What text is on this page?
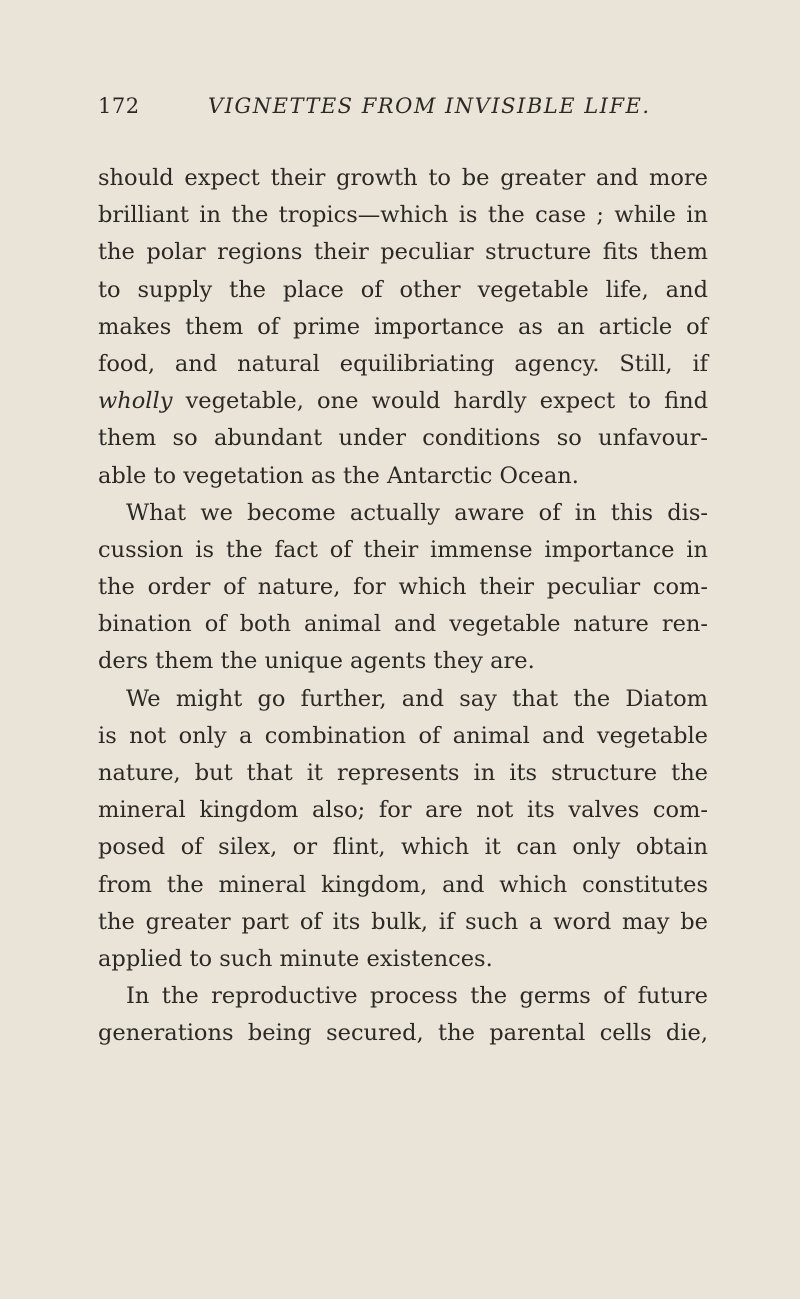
172	VIGNETTES FROM INVISIBLE LIFE.
should expect their growth to be greater and more
brilliant in the tropics—which is the case ; while in
the polar regions their peculiar structure fits them
to supply the place of other vegetable life, and
makes them of prime importance as an article of
food, and natural equilibriating agency. Still, if
wholly vegetable, one would hardly expect to find
them so abundant under conditions so unfavour-
able to vegetation as the Antarctic Ocean.
What we become actually aware of in this dis-
cussion is the fact of their immense importance in
the order of nature, for which their peculiar com-
bination of both animal and vegetable nature ren-
ders them the unique agents they are.
We might go further, and say that the Diatom
is not only a combination of animal and vegetable
nature, but that it represents in its structure the
mineral kingdom also; for are not its valves com-
posed of silex, or flint, which it can only obtain
from the mineral kingdom, and which constitutes
the greater part of its bulk, if such a word may be
applied to such minute existences.
In the reproductive process the germs of future
generations being secured, the parental cells die,
